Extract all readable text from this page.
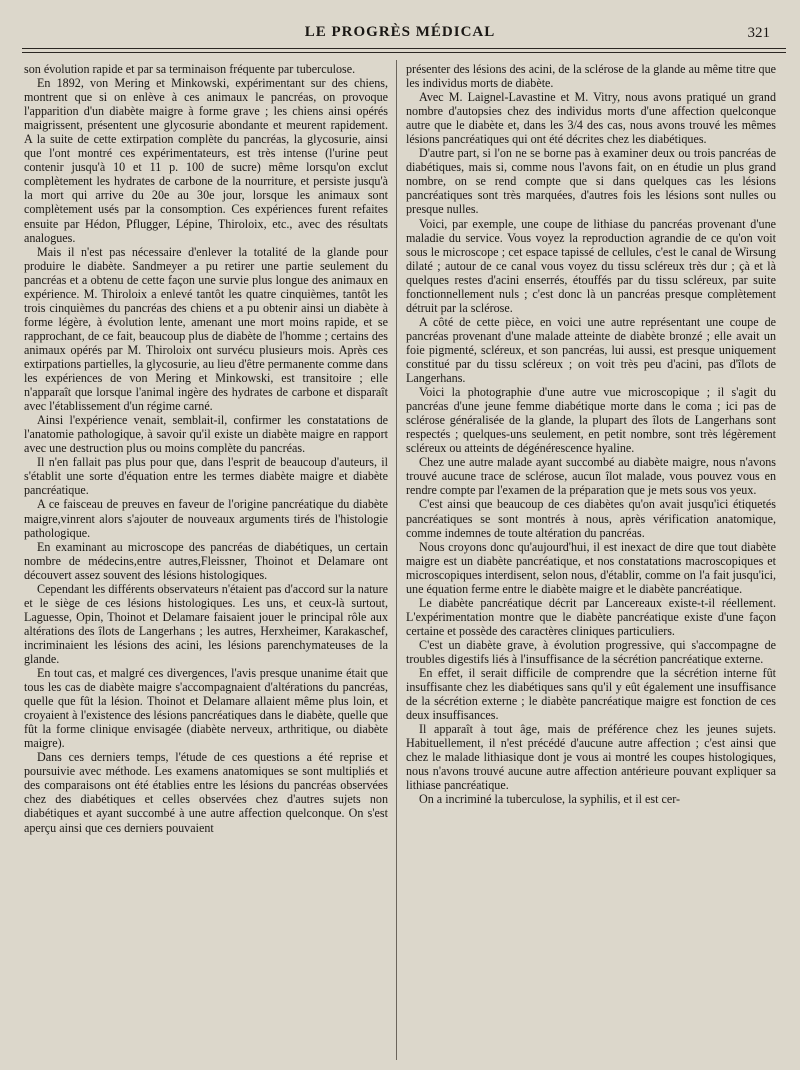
LE PROGRÈS MÉDICAL	321

son évolution rapide et par sa terminaison fréquente par tuberculose.

En 1892, von Mering et Minkowski, expérimentant sur des chiens, montrent que si on enlève à ces animaux le pancréas, on provoque l'apparition d'un diabète maigre à forme grave ; les chiens ainsi opérés maigrissent, présentent une glycosurie abondante et meurent rapidement. A la suite de cette extirpation complète du pancréas, la glycosurie, ainsi que l'ont montré ces expérimentateurs, est très intense (l'urine peut contenir jusqu'à 10 et 11 p. 100 de sucre) même lorsqu'on exclut complètement les hydrates de carbone de la nourriture, et persiste jusqu'à la mort qui arrive du 20e au 30e jour, lorsque les animaux sont complètement usés par la consomption. Ces expériences furent refaites ensuite par Hédon, Pflugger, Lépine, Thiroloix, etc., avec des résultats analogues.

Mais il n'est pas nécessaire d'enlever la totalité de la glande pour produire le diabète. Sandmeyer a pu retirer une partie seulement du pancréas et a obtenu de cette façon une survie plus longue des animaux en expérience. M. Thiroloix a enlevé tantôt les quatre cinquièmes, tantôt les trois cinquièmes du pancréas des chiens et a pu obtenir ainsi un diabète à forme légère, à évolution lente, amenant une mort moins rapide, et se rapprochant, de ce fait, beaucoup plus de diabète de l'homme ; certains des animaux opérés par M. Thiroloix ont survécu plusieurs mois. Après ces extirpations partielles, la glycosurie, au lieu d'être permanente comme dans les expériences de von Mering et Minkowski, est transitoire ; elle n'apparaît que lorsque l'animal ingère des hydrates de carbone et disparaît avec l'établissement d'un régime carné.

Ainsi l'expérience venait, semblait-il, confirmer les constatations de l'anatomie pathologique, à savoir qu'il existe un diabète maigre en rapport avec une destruction plus ou moins complète du pancréas.

Il n'en fallait pas plus pour que, dans l'esprit de beaucoup d'auteurs, il s'établit une sorte d'équation entre les termes diabète maigre et diabète pancréatique.

A ce faisceau de preuves en faveur de l'origine pancréatique du diabète maigre,vinrent alors s'ajouter de nouveaux arguments tirés de l'histologie pathologique.

En examinant au microscope des pancréas de diabétiques, un certain nombre de médecins,entre autres,Fleissner, Thoinot et Delamare ont découvert assez souvent des lésions histologiques.

Cependant les différents observateurs n'étaient pas d'accord sur la nature et le siège de ces lésions histologiques. Les uns, et ceux-là surtout, Laguesse, Opin, Thoinot et Delamare faisaient jouer le principal rôle aux altérations des îlots de Langerhans ; les autres, Herxheimer, Karakaschef, incriminaient les lésions des acini, les lésions parenchymateuses de la glande.

En tout cas, et malgré ces divergences, l'avis presque unanime était que tous les cas de diabète maigre s'accompagnaient d'altérations du pancréas, quelle que fût la lésion. Thoinot et Delamare allaient même plus loin, et croyaient à l'existence des lésions pancréatiques dans le diabète, quelle que fût la forme clinique envisagée (diabète nerveux, arthritique, ou diabète maigre).

Dans ces derniers temps, l'étude de ces questions a été reprise et poursuivie avec méthode. Les examens anatomiques se sont multipliés et des comparaisons ont été établies entre les lésions du pancréas observées chez des diabétiques et celles observées chez d'autres sujets non diabétiques et ayant succombé à une autre affection quelconque. On s'est aperçu ainsi que ces derniers pouvaient

présenter des lésions des acini, de la sclérose de la glande au même titre que les individus morts de diabète.

Avec M. Laignel-Lavastine et M. Vitry, nous avons pratiqué un grand nombre d'autopsies chez des individus morts d'une affection quelconque autre que le diabète et, dans les 3/4 des cas, nous avons trouvé les mêmes lésions pancréatiques qui ont été décrites chez les diabétiques.

D'autre part, si l'on ne se borne pas à examiner deux ou trois pancréas de diabétiques, mais si, comme nous l'avons fait, on en étudie un plus grand nombre, on se rend compte que si dans quelques cas les lésions pancréatiques sont très marquées, d'autres fois les lésions sont nulles ou presque nulles.

Voici, par exemple, une coupe de lithiase du pancréas provenant d'une maladie du service. Vous voyez la reproduction agrandie de ce qu'on voit sous le microscope ; cet espace tapissé de cellules, c'est le canal de Wirsung dilaté ; autour de ce canal vous voyez du tissu scléreux très dur ; çà et là quelques restes d'acini enserrés, étouffés par du tissu scléreux, par suite fonctionnellement nuls ; c'est donc là un pancréas presque complètement détruit par la sclérose.

A côté de cette pièce, en voici une autre représentant une coupe de pancréas provenant d'une malade atteinte de diabète bronzé ; elle avait un foie pigmenté, scléreux, et son pancréas, lui aussi, est presque uniquement constitué par du tissu scléreux ; on voit très peu d'acini, pas d'îlots de Langerhans.

Voici la photographie d'une autre vue microscopique ; il s'agit du pancréas d'une jeune femme diabétique morte dans le coma ; ici pas de sclérose généralisée de la glande, la plupart des îlots de Langerhans sont respectés ; quelques-uns seulement, en petit nombre, sont très légèrement scléreux ou atteints de dégénérescence hyaline.

Chez une autre malade ayant succombé au diabète maigre, nous n'avons trouvé aucune trace de sclérose, aucun îlot malade, vous pouvez vous en rendre compte par l'examen de la préparation que je mets sous vos yeux.

C'est ainsi que beaucoup de ces diabètes qu'on avait jusqu'ici étiquetés pancréatiques se sont montrés à nous, après vérification anatomique, comme indemnes de toute altération du pancréas.

Nous croyons donc qu'aujourd'hui, il est inexact de dire que tout diabète maigre est un diabète pancréatique, et nos constatations macroscopiques et microscopiques interdisent, selon nous, d'établir, comme on l'a fait jusqu'ici, une équation ferme entre le diabète maigre et le diabète pancréatique.

Le diabète pancréatique décrit par Lancereaux existe-t-il réellement. L'expérimentation montre que le diabète pancréatique existe d'une façon certaine et possède des caractères cliniques particuliers.

C'est un diabète grave, à évolution progressive, qui s'accompagne de troubles digestifs liés à l'insuffisance de la sécrétion pancréatique externe.

En effet, il serait difficile de comprendre que la sécrétion interne fût insuffisante chez les diabétiques sans qu'il y eût également une insuffisance de la sécrétion externe ; le diabète pancréatique maigre est fonction de ces deux insuffisances.

Il apparaît à tout âge, mais de préférence chez les jeunes sujets. Habituellement, il n'est précédé d'aucune autre affection ; c'est ainsi que chez le malade lithiasique dont je vous ai montré les coupes histologiques, nous n'avons trouvé aucune autre affection antérieure pouvant expliquer sa lithiase pancréatique.

On a incriminé la tuberculose, la syphilis, et il est cer-
